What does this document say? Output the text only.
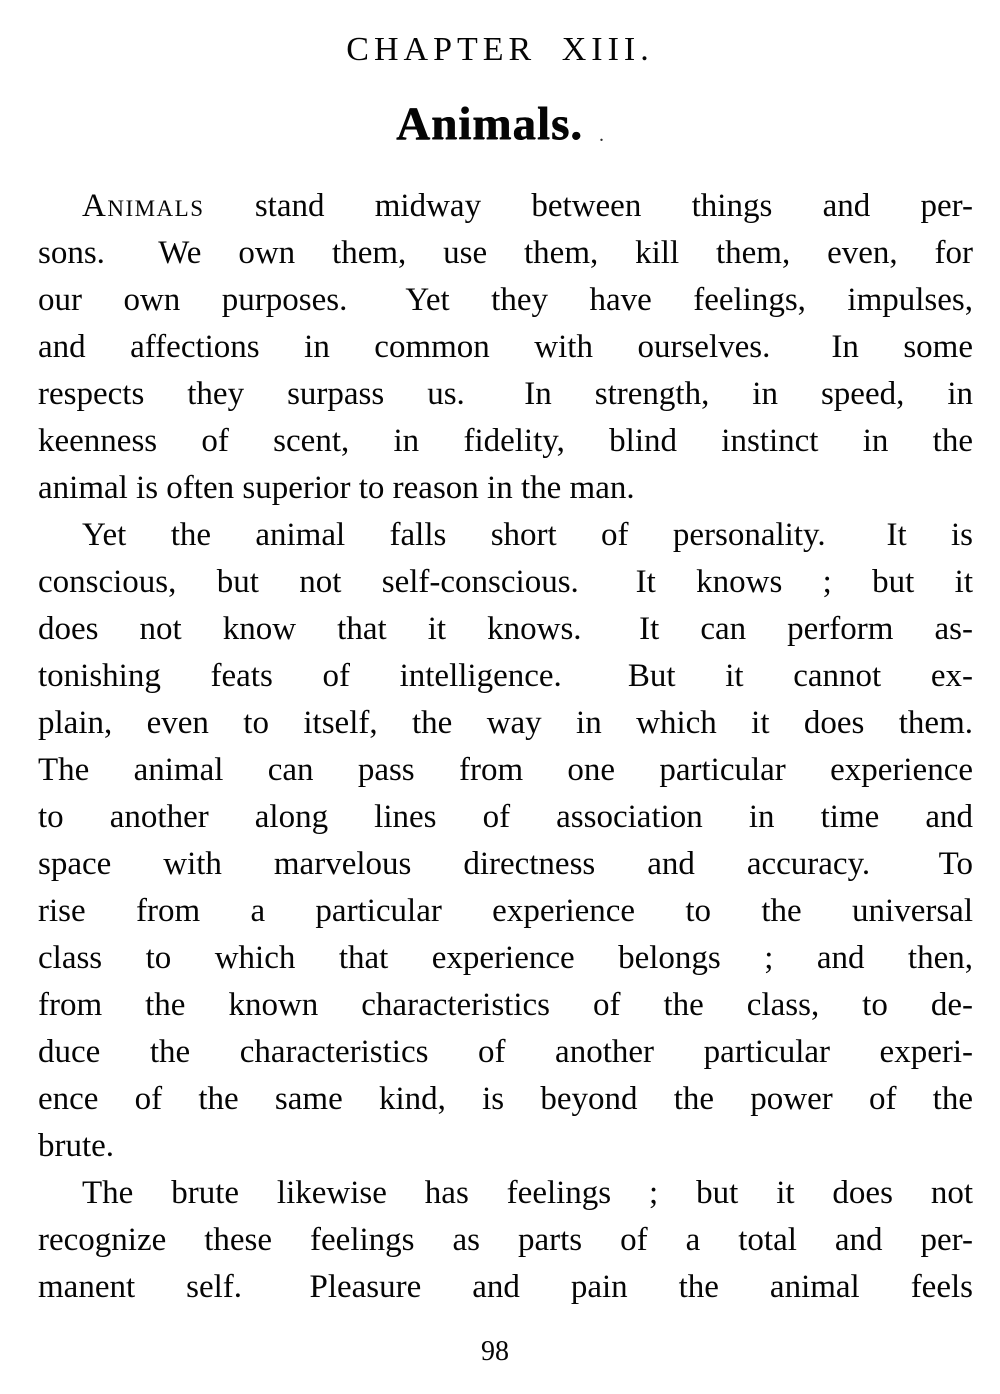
CHAPTER XIII.
Animals. .
Animals stand midway between things and per-
sons.  We own them, use them, kill them, even, for
our own purposes.  Yet they have feelings, impulses,
and affections in common with ourselves.  In some
respects they surpass us.  In strength, in speed, in
keenness of scent, in fidelity, blind instinct in the
animal is often superior to reason in the man.
Yet the animal falls short of personality.  It is
conscious, but not self-conscious.  It knows ; but it
does not know that it knows.  It can perform as-
tonishing feats of intelligence.  But it cannot ex-
plain, even to itself, the way in which it does them.
The animal can pass from one particular experience
to another along lines of association in time and
space with marvelous directness and accuracy.  To
rise from a particular experience to the universal
class to which that experience belongs ; and then,
from the known characteristics of the class, to de-
duce the characteristics of another particular experi-
ence of the same kind, is beyond the power of the
brute.
The brute likewise has feelings ; but it does not
recognize these feelings as parts of a total and per-
manent self.  Pleasure and pain the animal feels
98
